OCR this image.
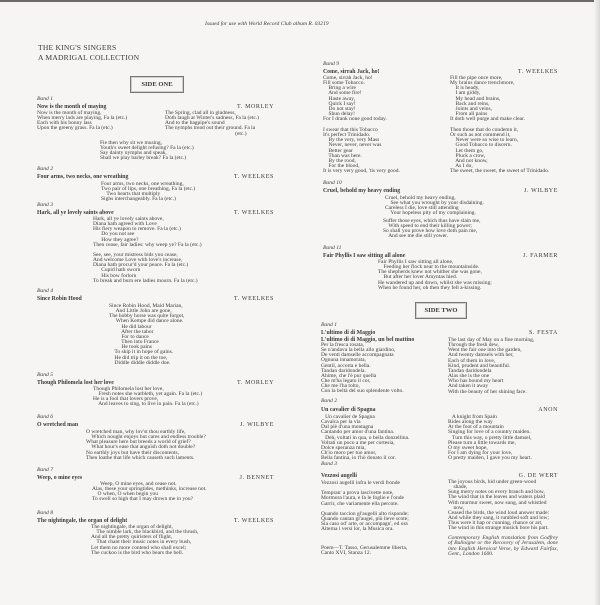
Issued for use with World Record Club album R. 03219
THE KING'S SINGERS
A MADRIGAL COLLECTION
SIDE ONE
SIDE TWO
Band 1
Now is the month of maying	T. MORLEY
Now is the month of maying,
When merry lads are playing, Fa la (etc.)
Each with his bonny lass
Upon the greeny grass. Fa la (etc.)
The Spring, clad all in gladness,
Doth laugh at Winter's sadness, Fa la (etc.)
And to the bagpipe's sound
The nymphs tread out their ground. Fa la
(etc.)
Fie then why sit we musing,
Youth's sweet delight refusing? Fa la (etc.)
Say dainty nymphs and speak,
Shall we play barley break? Fa la (etc.)
Band 2
Four arms, two necks, one wreathing	T. WEELKES
Four arms, two necks, one wreathing,
Two pair of lips, one breathing, Fa la (etc.)
Two hearts that multiply
Sighs interchangeably. Fa la (etc.)
Band 3
Hark, all ye lovely saints above	T. WEELKES
Hark, all ye lovely saints above,
Diana hath agreed with Love
His fiery weapon to remove. Fa la (etc.)
Do you not see
How they agree?
Then cease, fair ladies: why weep ye? Fa la (etc.)
See, see, your mistress bids you cease,
And welcome Love with love's increase,
Diana hath procur'd your peace. Fa la (etc.)
Cupid hath sworn
His bow forlorn
To break and burn ere ladies mourn. Fa la (etc.)
Band 4
Since Robin Hood	T. WEELKES
Since Robin Hood, Maid Marian,
And Little John are gone,
The hobby horse was quite forgot,
When Kempe did dance alone.
He did labour
After the tabor
For to dance
Then into France
He took pains
To skip it in hope of gains.
He did trip it on the toe,
Diddle diddle diddle doe.
Band 5
Though Philomela lost her love	T. MORLEY
Though Philomela lost her love,
Fresh notes she warbleth, yet again. Fa la (etc.)
He is a fool that lovers prove,
And leaves to sing, to live in pain. Fa la (etc.)
Band 6
O wretched man	J. WILBYE
O wretched man, why lov'st thou earthly life,
Which nought enjoys but cares and endless trouble?
What pleasure here but breeds a world of grief?
What hour's ease that anguish doth not double?
No earthly joys but have their discontents,
Then loathe that life which causeth such laments.
Band 7
Weep, o mine eyes	J. BENNET
Weep, O mine eyes, and cease not.
Alas, these your springtides, methinks, increase not.
O when, O when begin you
To swell so high that I may drown me in you?
Band 8
The nightingale, the organ of delight	T. WEELKES
The nightingale, the organ of delight,
The nimble lark, the blackbird, and the thrush,
And all the pretty quiristers of flight,
That chant their music notes in every bush,
Let them no more contend who shall excel;
The cuckoo is the bird who bears the bell.
Band 9
Come, sirrah Jack, ho!	T. WEELKES
Come, sirrah Jack, ho!
Fill some Tobacco.
Bring a wire
And some fire!
Haste away,
Quick I say!
Do not stay!
Shun delay!
For I drank none good today.
Fill the pipe once more,
My brains dance trenchmore,
It is heady,
I am giddy,
My head and brains,
Back and reins,
Joints and veins,
From all pains
It doth well purge and make clear.
I swear that this Tobacco
It's perfect Trinidado.
By the very, very Mass
Never, never, never was
Better gear
Than was here.
By the rood,
For the blood,
It is very very good, 'tis very good.
Then those that do condemn it,
Or such as not commend it,
Never were so wise to learn,
Good Tobacco to discern.
Let them go,
Pluck a crow,
And not know,
As I do,
The sweet, the sweet, the sweet of Trinidado.
Band 10
Cruel, behold my heavy ending	J. WILBYE
Cruel, behold my heavy ending,
See what you wrought by your disdaining.
Careless I die, love still attending
Your hopeless pity of my complaining.
Suffer those eyes, which thus have slain me,
With speed to end their killing power;
So shall you prove how love doth pain me,
And see me die still yower.
Band 11
Fair Phyllis I saw sitting all alone	J. FARMER
Fair Phyllis I saw sitting all alone,
Feeding her flock near to the mountainside.
The shepherds knew not whither she was gone,
But after her lover Amyntas hied.
He wandered up and down, whilst she was missing;
When he found her, oh then they fell a-kissing.
Band 1
L'ultimo di di Maggio	S. FESTA
L'ultimo di di Maggio, un bel mattino
Per la fresca rosata,
Se n'andava la bella allo giardino,
De venti damselle accompagnata
Ognuna innamorata,
Gentil, accorta e bella.
Tandan daridondela.
Ahime, che l'è pur quella
Che m'ha legato il cor,
Che me l'ha tolto,
Con la beltà del suo splendente volto.
The last day of May on a fine morning,
Through the fresh dew,
Went the fair one into the garden,
And twenty damsels with her,
Each of them in love,
Kind, prudent and beautiful.
Tandan daridondela
Alas she is the one
Who has bound my heart
And taken it away
With the beauty of her shining face.
Band 2
Un cavalier di Spagna	ANON
Un cavalier de Spagna
Cavalca per la via
Dal piè d'una montagna
Cantando per amor d'una fantina.
Deh, voltati in qua, o bella donzellina.
Voltati un poco a me per cortesia,
Dolce speranza mia,
Ch'io moro per tuo amor,
Bella fantina, io t'hò donato il cor.
A knight from Spain
Rides along the way
At the foot of a mountain
Singing for love of a country maiden.
Turn this way, o pretty little damsel,
Please turn a little towards me,
O my sweet hope,
For I am dying for your love,
O pretty maiden, I gave you my heart.
Band 3
Vezzosi augelli	G. DE WERT
Vezzosi augelli infra le verdi fronde
Tempran' a prova lascivette note,
Mormora l'aura, e fa le foglie e l'onde
Garrir, che variamente ella percote.
Quando taccion gl'augelli alto risponde;
Quando cantan gl'augei, più lieve scote;
Sia caso od' arte, or accompagn', ed ora
Alterna i versi lor, la Musica ora.
The joyous birds, hid under green-wood
shade,
Sung merry notes on every branch and bow,
The wind that in the leaves and waters plaid
With murmur sweet, now sung, and whistled
now,
Ceased the birds, the wind loud answer made:
And while they sang, it rumbled soft and low;
Thus were it hap or cunning, chance or art,
The wind in this strange musick bore his part.
Contemporary English translation from Godfrey of Bulloigne or the Recovery of Jerusalem, done into English Heroical Verse, by Edward Fairfax, Gent., London 1600.
Poem—T. Tasso, Gerusalemme liberta,
Canto XVI, Stanza 12.
